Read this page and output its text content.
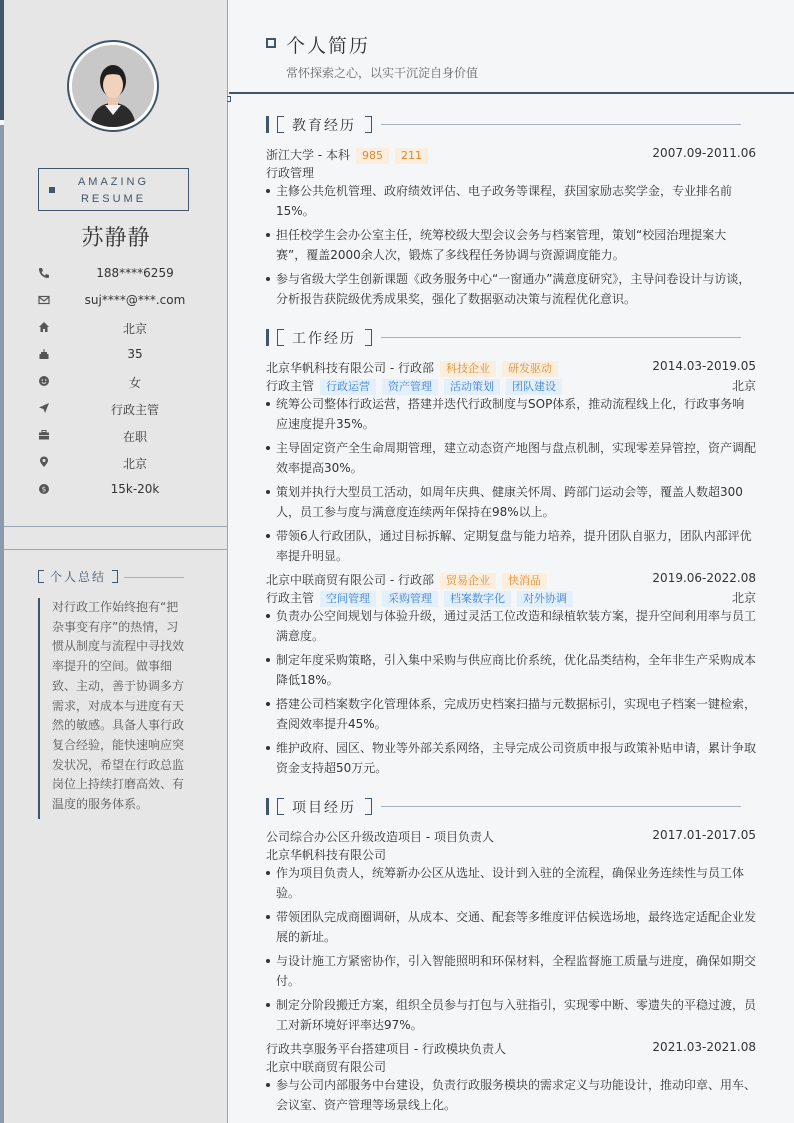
AMAZING
RESUME
苏静静
188****6259
suj****@***.com
北京
35
女
行政主管
在职
北京
$	15k-20k
个人总结
对行政工作始终抱有“把杂事变有序”的热情，习惯从制度与流程中寻找效率提升的空间。做事细致、主动，善于协调多方需求，对成本与进度有天然的敏感。具备人事行政复合经验，能快速响应突发状况，希望在行政总监岗位上持续打磨高效、有温度的服务体系。
个人简历
常怀探索之心，以实干沉淀自身价值
教育经历
浙江大学 - 本科 985 211	2007.09-2011.06
行政管理
主修公共危机管理、政府绩效评估、电子政务等课程，获国家励志奖学金，专业排名前15%。
担任校学生会办公室主任，统筹校级大型会议会务与档案管理，策划“校园治理提案大赛”，覆盖2000余人次，锻炼了多线程任务协调与资源调度能力。
参与省级大学生创新课题《政务服务中心“一窗通办”满意度研究》，主导问卷设计与访谈，分析报告获院级优秀成果奖，强化了数据驱动决策与流程优化意识。
工作经历
北京华帆科技有限公司 - 行政部 科技企业 研发驱动	2014.03-2019.05
行政主管 行政运营 资产管理 活动策划 团队建设	北京
统筹公司整体行政运营，搭建并迭代行政制度与SOP体系，推动流程线上化，行政事务响应速度提升35%。
主导固定资产全生命周期管理，建立动态资产地图与盘点机制，实现零差异管控，资产调配效率提高30%。
策划并执行大型员工活动，如周年庆典、健康关怀周、跨部门运动会等，覆盖人数超300人，员工参与度与满意度连续两年保持在98%以上。
带领6人行政团队，通过目标拆解、定期复盘与能力培养，提升团队自驱力，团队内部评优率提升明显。
北京中联商贸有限公司 - 行政部 贸易企业 快消品	2019.06-2022.08
行政主管 空间管理 采购管理 档案数字化 对外协调	北京
负责办公空间规划与体验升级，通过灵活工位改造和绿植软装方案，提升空间利用率与员工满意度。
制定年度采购策略，引入集中采购与供应商比价系统，优化品类结构，全年非生产采购成本降低18%。
搭建公司档案数字化管理体系，完成历史档案扫描与元数据标引，实现电子档案一键检索，查阅效率提升45%。
维护政府、园区、物业等外部关系网络，主导完成公司资质申报与政策补贴申请，累计争取资金支持超50万元。
项目经历
公司综合办公区升级改造项目 - 项目负责人	2017.01-2017.05
北京华帆科技有限公司
作为项目负责人，统筹新办公区从选址、设计到入驻的全流程，确保业务连续性与员工体验。
带领团队完成商圈调研，从成本、交通、配套等多维度评估候选场地，最终选定适配企业发展的新址。
与设计施工方紧密协作，引入智能照明和环保材料，全程监督施工质量与进度，确保如期交付。
制定分阶段搬迁方案，组织全员参与打包与入驻指引，实现零中断、零遗失的平稳过渡，员工对新环境好评率达97%。
行政共享服务平台搭建项目 - 行政模块负责人	2021.03-2021.08
北京中联商贸有限公司
参与公司内部服务中台建设，负责行政服务模块的需求定义与功能设计，推动印章、用车、会议室、资产管理等场景线上化。
